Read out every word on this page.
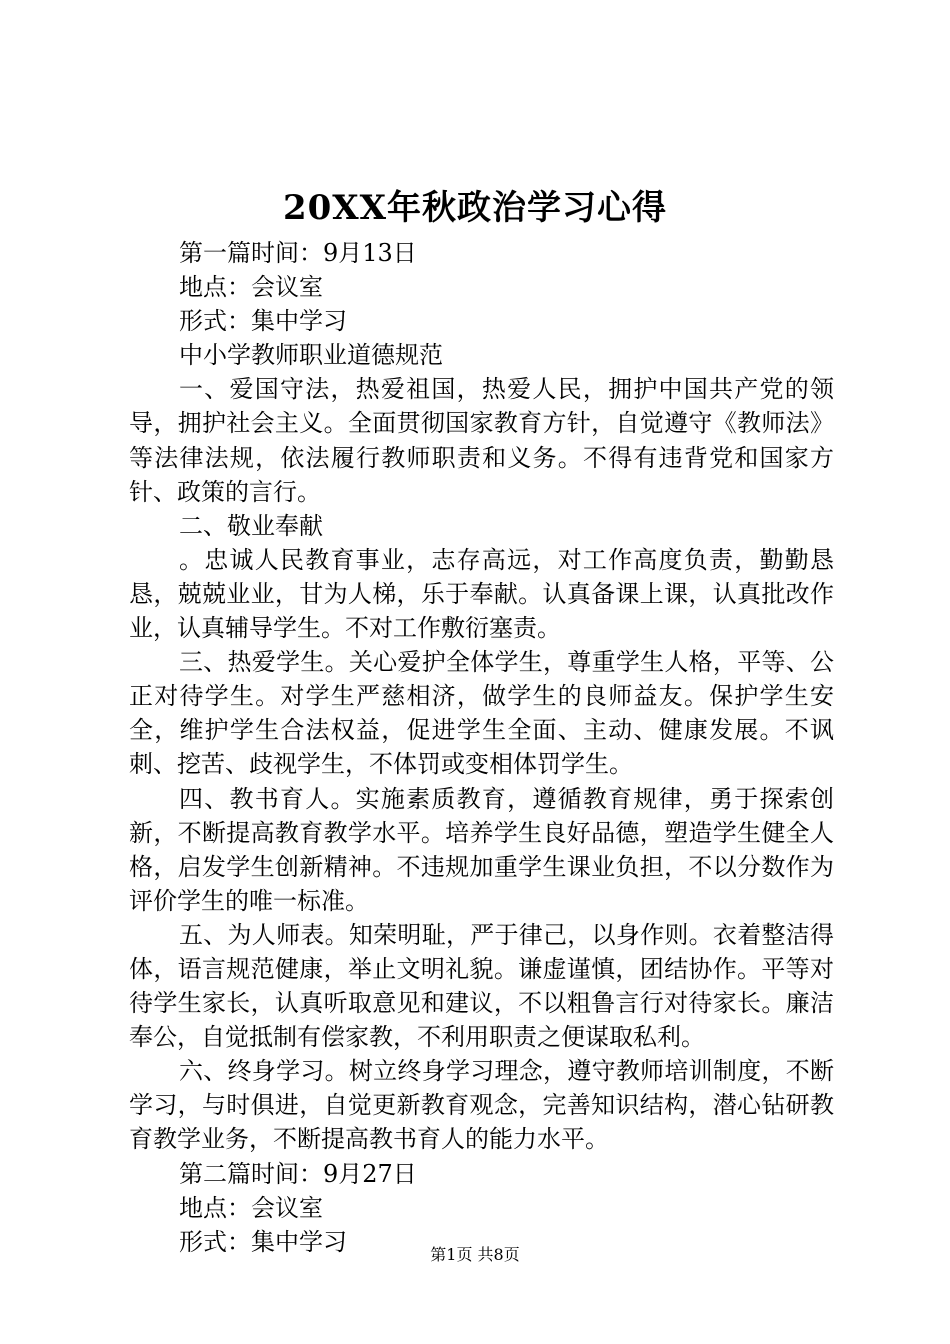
20XX年秋政治学习心得

第一篇时间：9月13日

地点：会议室

形式：集中学习

中小学教师职业道德规范

一、爱国守法，热爱祖国，热爱人民，拥护中国共产党的领导，拥护社会主义。全面贯彻国家教育方针，自觉遵守《教师法》等法律法规，依法履行教师职责和义务。不得有违背党和国家方针、政策的言行。

二、敬业奉献

。忠诚人民教育事业，志存高远，对工作高度负责，勤勤恳恳，兢兢业业，甘为人梯，乐于奉献。认真备课上课，认真批改作业，认真辅导学生。不对工作敷衍塞责。

三、热爱学生。关心爱护全体学生，尊重学生人格，平等、公正对待学生。对学生严慈相济，做学生的良师益友。保护学生安全，维护学生合法权益，促进学生全面、主动、健康发展。不讽刺、挖苦、歧视学生，不体罚或变相体罚学生。

四、教书育人。实施素质教育，遵循教育规律，勇于探索创新，不断提高教育教学水平。培养学生良好品德，塑造学生健全人格，启发学生创新精神。不违规加重学生课业负担，不以分数作为评价学生的唯一标准。

五、为人师表。知荣明耻，严于律己，以身作则。衣着整洁得体，语言规范健康，举止文明礼貌。谦虚谨慎，团结协作。平等对待学生家长，认真听取意见和建议，不以粗鲁言行对待家长。廉洁奉公，自觉抵制有偿家教，不利用职责之便谋取私利。

六、终身学习。树立终身学习理念，遵守教师培训制度，不断学习，与时俱进，自觉更新教育观念，完善知识结构，潜心钻研教育教学业务，不断提高教书育人的能力水平。

第二篇时间：9月27日

地点：会议室

形式：集中学习	第1页 共8页
